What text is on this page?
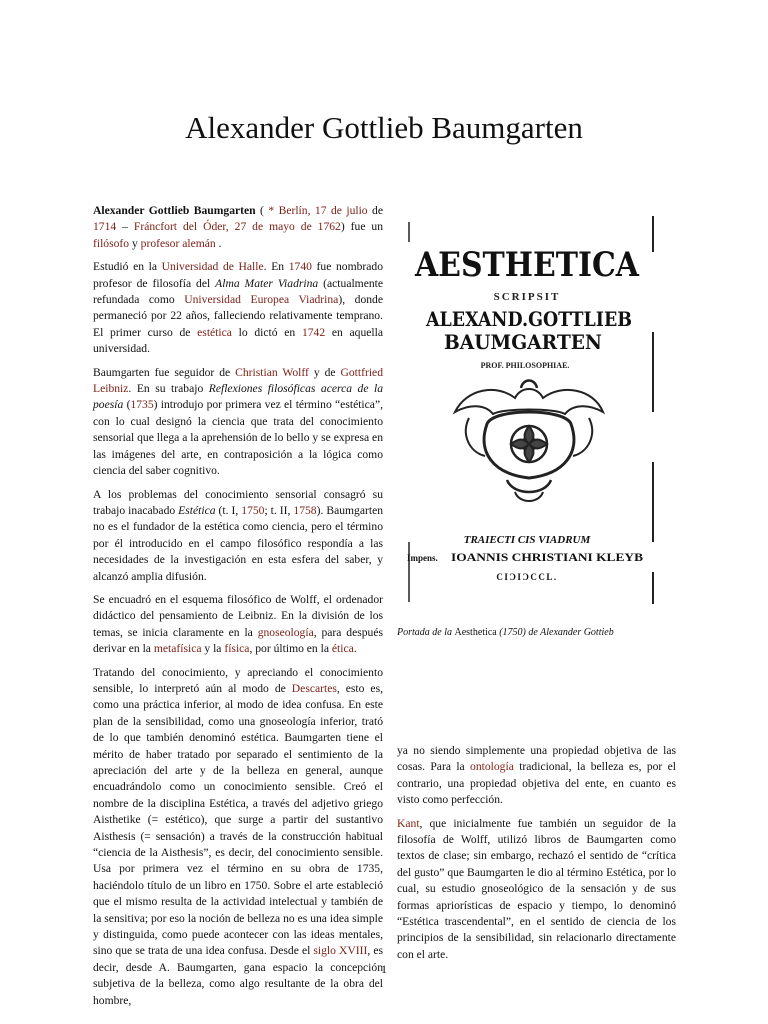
Alexander Gottlieb Baumgarten

Alexander Gottlieb Baumgarten ( * Berlín, 17 de julio de 1714 – Fráncfort del Óder, 27 de mayo de 1762) fue un filósofo y profesor alemán .

Estudió en la Universidad de Halle. En 1740 fue nombrado profesor de filosofía del Alma Mater Viadrina (actualmente refundada como Universidad Europea Viadrina), donde permaneció por 22 años, falleciendo relativamente temprano. El primer curso de estética lo dictó en 1742 en aquella universidad.

Baumgarten fue seguidor de Christian Wolff y de Gottfried Leibniz. En su trabajo Reflexiones filosóficas acerca de la poesía (1735) introdujo por primera vez el término “estética”, con lo cual designó la ciencia que trata del conocimiento sensorial que llega a la aprehensión de lo bello y se expresa en las imágenes del arte, en contraposición a la lógica como ciencia del saber cognitivo.

A los problemas del conocimiento sensorial consagró su trabajo inacabado Estética (t. I, 1750; t. II, 1758). Baumgarten no es el fundador de la estética como ciencia, pero el término por él introducido en el campo filosófico respondía a las necesidades de la investigación en esta esfera del saber, y alcanzó amplia difusión.

Se encuadró en el esquema filosófico de Wolff, el ordenador didáctico del pensamiento de Leibniz. En la división de los temas, se inicia claramente en la gnoseología, para después derivar en la metafísica y la física, por último en la ética.

Tratando del conocimiento, y apreciando el conocimiento sensible, lo interpretó aún al modo de Descartes, esto es, como una práctica inferior, al modo de idea confusa. En este plan de la sensibilidad, como una gnoseología inferior, trató de lo que también denominó estética. Baumgarten tiene el mérito de haber tratado por separado el sentimiento de la apreciación del arte y de la belleza en general, aunque encuadrándolo como un conocimiento sensible. Creó el nombre de la disciplina Estética, a través del adjetivo griego Aisthetike (= estético), que surge a partir del sustantivo Aisthesis (= sensación) a través de la construcción habitual “ciencia de la Aisthesis”, es decir, del conocimiento sensible. Usa por primera vez el término en su obra de 1735, haciéndolo título de un libro en 1750. Sobre el arte estableció que el mismo resulta de la actividad intelectual y también de la sensitiva; por eso la noción de belleza no es una idea simple y distinguida, como puede acontecer con las ideas mentales, sino que se trata de una idea confusa. Desde el siglo XVIII, es decir, desde A. Baumgarten, gana espacio la concepción subjetiva de la belleza, como algo resultante de la obra del hombre,

AESTHETICA
SCRIPSIT
ALEXAND.GOTTLIEB
BAUMGARTEN
PROF. PHILOSOPHIAE.
TRAIECTI CIS VIADRUM
Impens. IOANNIS CHRISTIANI KLEYB
CIƆIƆCCL.
Portada de la Aesthetica (1750) de Alexander Gottieb

ya no siendo simplemente una propiedad objetiva de las cosas. Para la ontología tradicional, la belleza es, por el contrario, una propiedad objetiva del ente, en cuanto es visto como perfección.

Kant, que inicialmente fue también un seguidor de la filosofía de Wolff, utilizó libros de Baumgarten como textos de clase; sin embargo, rechazó el sentido de “crítica del gusto” que Baumgarten le dio al término Estética, por lo cual, su estudio gnoseológico de la sensación y de sus formas apriorísticas de espacio y tiempo, lo denominó “Estética trascendental”, en el sentido de ciencia de los principios de la sensibilidad, sin relacionarlo directamente con el arte.

1
